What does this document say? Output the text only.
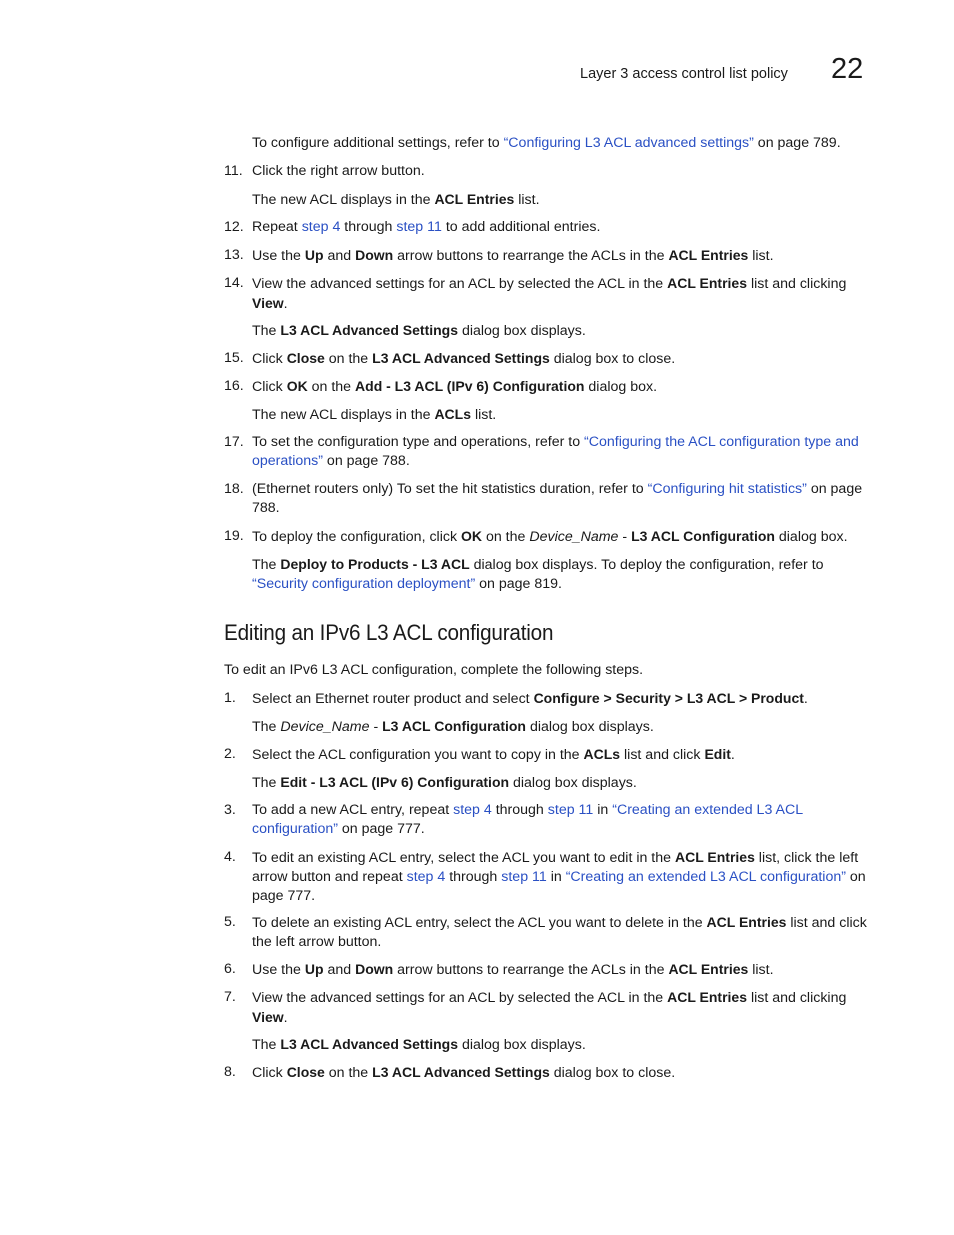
Layer 3 access control list policy 22
To configure additional settings, refer to “Configuring L3 ACL advanced settings” on page 789.
11. Click the right arrow button.
The new ACL displays in the ACL Entries list.
12. Repeat step 4 through step 11 to add additional entries.
13. Use the Up and Down arrow buttons to rearrange the ACLs in the ACL Entries list.
14. View the advanced settings for an ACL by selected the ACL in the ACL Entries list and clicking
View.
The L3 ACL Advanced Settings dialog box displays.
15. Click Close on the L3 ACL Advanced Settings dialog box to close.
16. Click OK on the Add - L3 ACL (IPv 6) Configuration dialog box.
The new ACL displays in the ACLs list.
17. To set the configuration type and operations, refer to “Configuring the ACL configuration type and operations” on page 788.
18. (Ethernet routers only) To set the hit statistics duration, refer to “Configuring hit statistics” on page 788.
19. To deploy the configuration, click OK on the Device_Name - L3 ACL Configuration dialog box.
The Deploy to Products - L3 ACL dialog box displays. To deploy the configuration, refer to “Security configuration deployment” on page 819.
Editing an IPv6 L3 ACL configuration
To edit an IPv6 L3 ACL configuration, complete the following steps.
1. Select an Ethernet router product and select Configure > Security > L3 ACL > Product.
The Device_Name - L3 ACL Configuration dialog box displays.
2. Select the ACL configuration you want to copy in the ACLs list and click Edit.
The Edit - L3 ACL (IPv 6) Configuration dialog box displays.
3. To add a new ACL entry, repeat step 4 through step 11 in “Creating an extended L3 ACL configuration” on page 777.
4. To edit an existing ACL entry, select the ACL you want to edit in the ACL Entries list, click the left arrow button and repeat step 4 through step 11 in “Creating an extended L3 ACL configuration” on page 777.
5. To delete an existing ACL entry, select the ACL you want to delete in the ACL Entries list and click the left arrow button.
6. Use the Up and Down arrow buttons to rearrange the ACLs in the ACL Entries list.
7. View the advanced settings for an ACL by selected the ACL in the ACL Entries list and clicking
View.
The L3 ACL Advanced Settings dialog box displays.
8. Click Close on the L3 ACL Advanced Settings dialog box to close.
